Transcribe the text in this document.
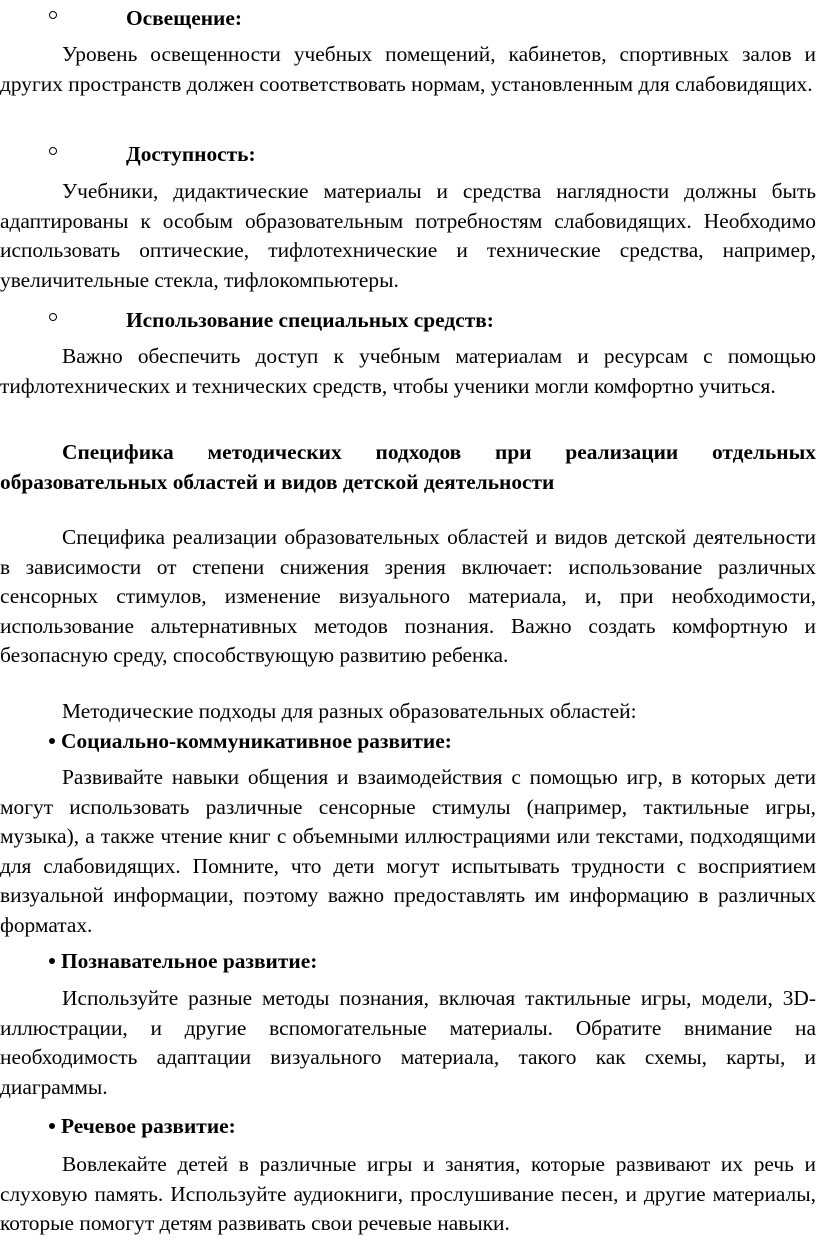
Освещение:

Уровень освещенности учебных помещений, кабинетов, спортивных залов и других пространств должен соответствовать нормам, установленным для слабовидящих.

Доступность:

Учебники, дидактические материалы и средства наглядности должны быть адаптированы к особым образовательным потребностям слабовидящих. Необходимо использовать оптические, тифлотехнические и технические средства, например, увеличительные стекла, тифлокомпьютеры.

Использование специальных средств:

Важно обеспечить доступ к учебным материалам и ресурсам с помощью тифлотехнических и технических средств, чтобы ученики могли комфортно учиться.

Специфика методических подходов при реализации отдельных образовательных областей и видов детской деятельности

Специфика реализации образовательных областей и видов детской деятельности в зависимости от степени снижения зрения включает: использование различных сенсорных стимулов, изменение визуального материала, и, при необходимости, использование альтернативных методов познания. Важно создать комфортную и безопасную среду, способствующую развитию ребенка.

Методические подходы для разных образовательных областей:

Социально-коммуникативное развитие:

Развивайте навыки общения и взаимодействия с помощью игр, в которых дети могут использовать различные сенсорные стимулы (например, тактильные игры, музыка), а также чтение книг с объемными иллюстрациями или текстами, подходящими для слабовидящих. Помните, что дети могут испытывать трудности с восприятием визуальной информации, поэтому важно предоставлять им информацию в различных форматах.

Познавательное развитие:

Используйте разные методы познания, включая тактильные игры, модели, 3D-иллюстрации, и другие вспомогательные материалы. Обратите внимание на необходимость адаптации визуального материала, такого как схемы, карты, и диаграммы.

Речевое развитие:

Вовлекайте детей в различные игры и занятия, которые развивают их речь и слуховую память. Используйте аудиокниги, прослушивание песен, и другие материалы, которые помогут детям развивать свои речевые навыки.
